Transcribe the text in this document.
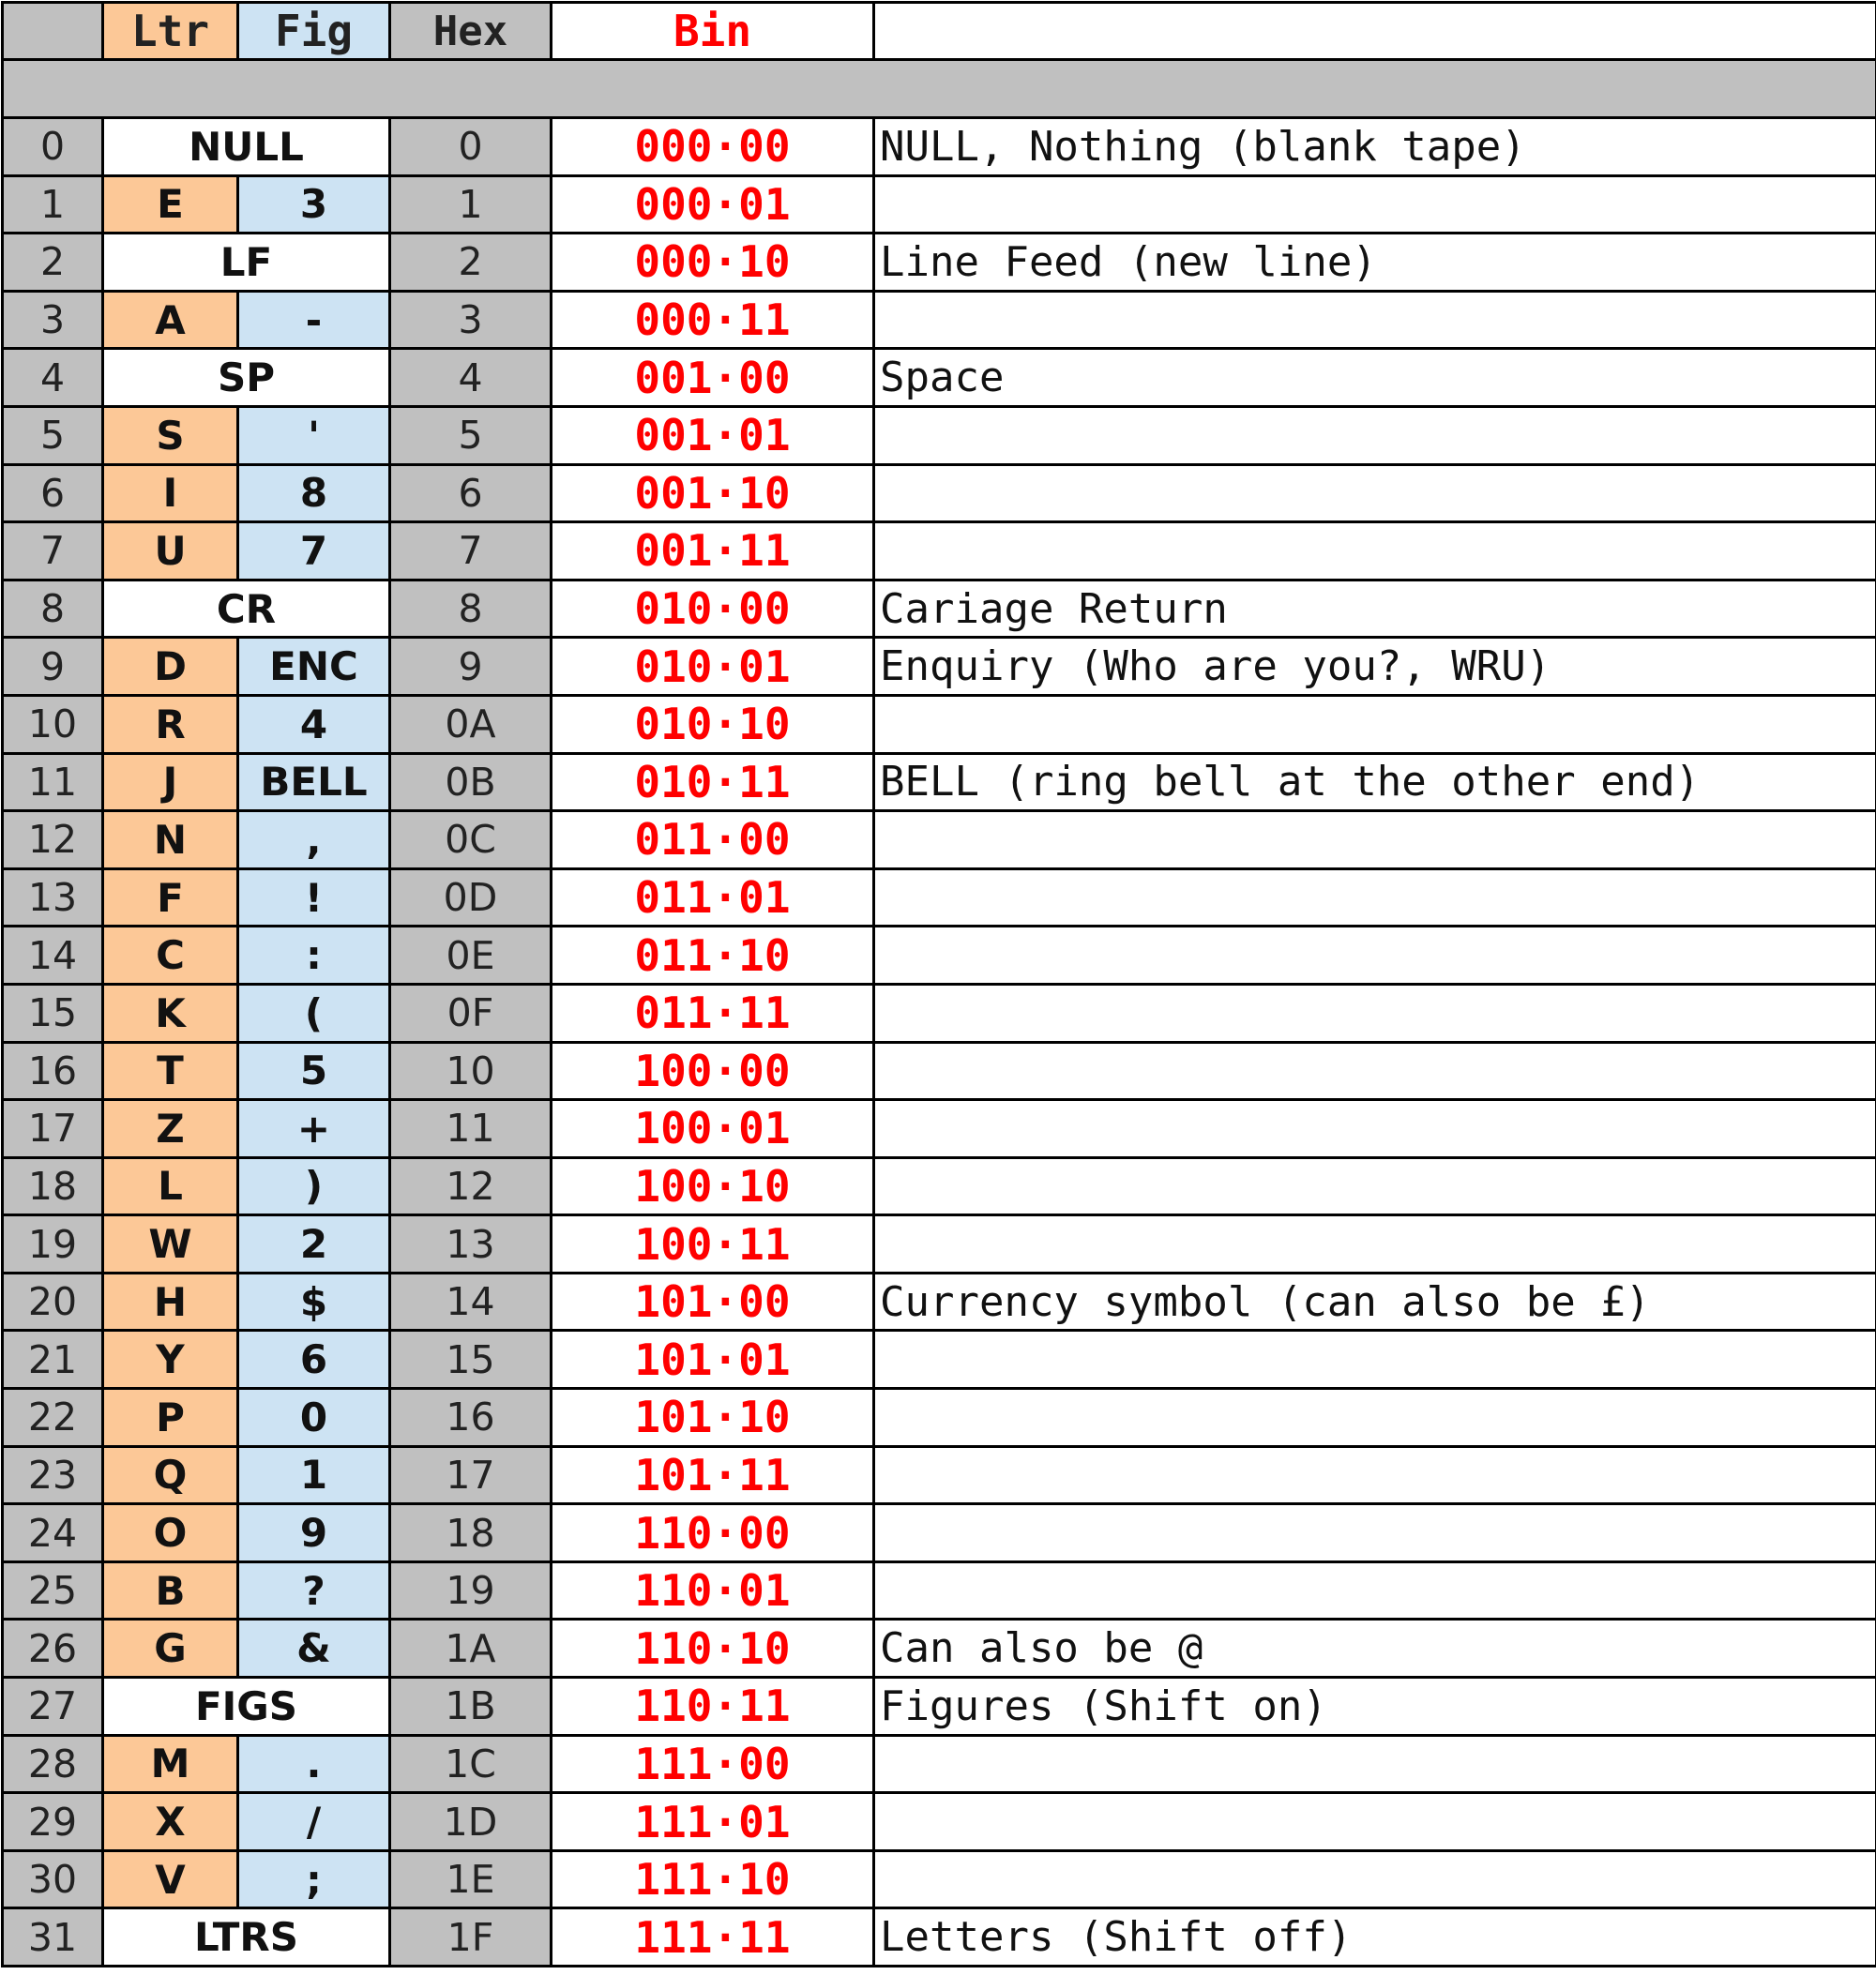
	Ltr	Fig	Hex	Bin	

0	NULL		0	000·00	NULL, Nothing (blank tape)
1	E	3	1	000·01	
2	LF		2	000·10	Line Feed (new line)
3	A	-	3	000·11	
4	SP		4	001·00	Space
5	S	'	5	001·01	
6	I	8	6	001·10	
7	U	7	7	001·11	
8	CR		8	010·00	Cariage Return
9	D	ENC	9	010·01	Enquiry (Who are you?, WRU)
10	R	4	0A	010·10	
11	J	BELL	0B	010·11	BELL (ring bell at the other end)
12	N	,	0C	011·00	
13	F	!	0D	011·01	
14	C	:	0E	011·10	
15	K	(	0F	011·11	
16	T	5	10	100·00	
17	Z	+	11	100·01	
18	L	)	12	100·10	
19	W	2	13	100·11	
20	H	$	14	101·00	Currency symbol (can also be £)
21	Y	6	15	101·01	
22	P	0	16	101·10	
23	Q	1	17	101·11	
24	O	9	18	110·00	
25	B	?	19	110·01	
26	G	&	1A	110·10	Can also be @
27	FIGS		1B	110·11	Figures (Shift on)
28	M	.	1C	111·00	
29	X	/	1D	111·01	
30	V	;	1E	111·10	
31	LTRS		1F	111·11	Letters (Shift off)
